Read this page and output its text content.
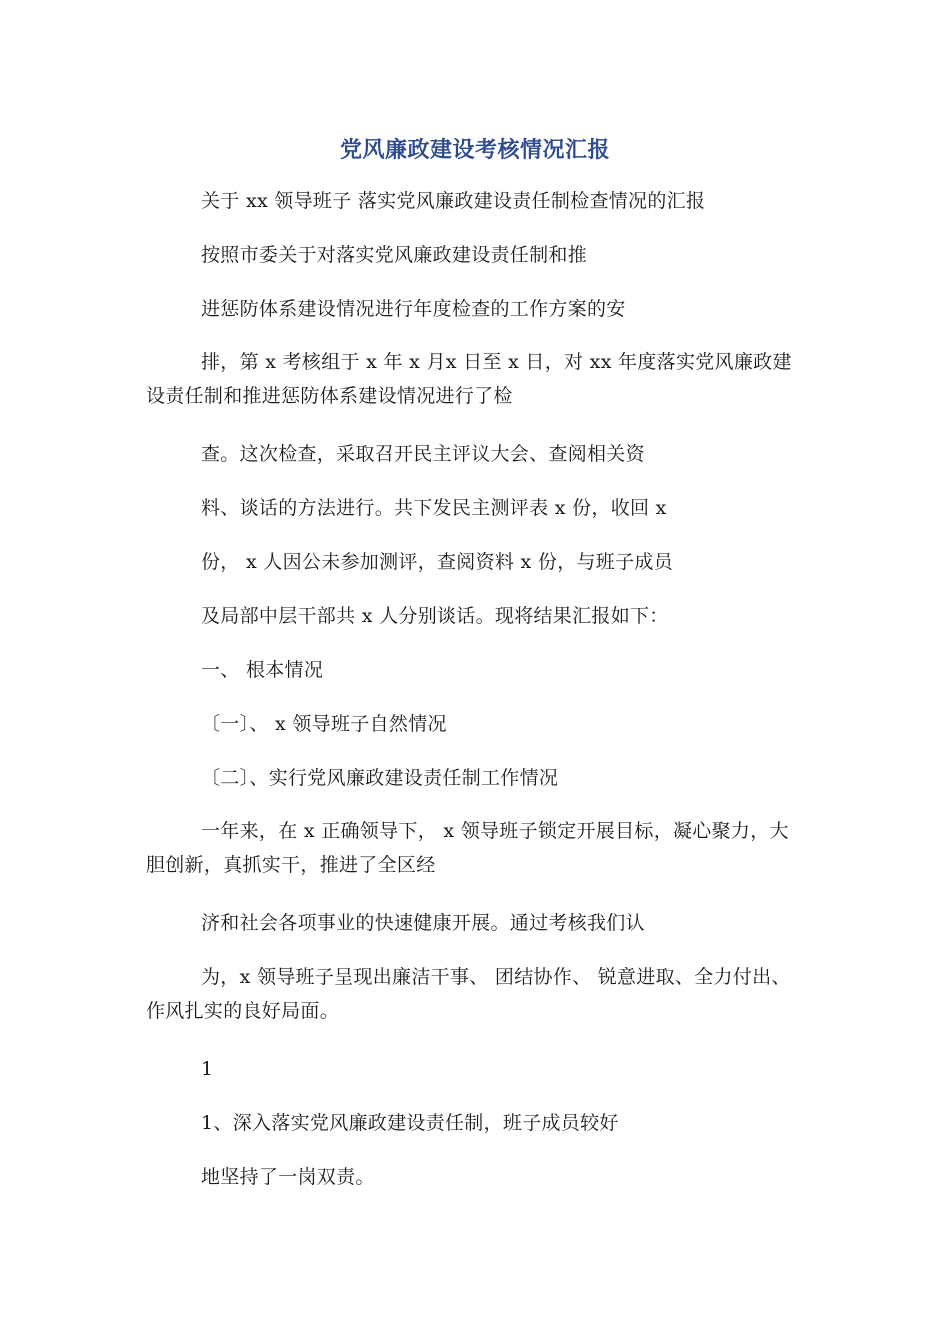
党风廉政建设考核情况汇报
关于 xx 领导班子 落实党风廉政建设责任制检查情况的汇报
按照市委关于对落实党风廉政建设责任制和推
进惩防体系建设情况进行年度检查的工作方案的安
排，第 x 考核组于 x 年 x 月x 日至 x 日，对 xx 年度落实党风廉政建设责任制和推进惩防体系建设情况进行了检
查。这次检查，采取召开民主评议大会、查阅相关资
料、谈话的方法进行。共下发民主测评表 x 份，收回 x
份， x 人因公未参加测评，查阅资料 x 份，与班子成员
及局部中层干部共 x 人分别谈话。现将结果汇报如下：
一、 根本情况
〔一〕、 x 领导班子自然情况
〔二〕、实行党风廉政建设责任制工作情况
一年来，在 x 正确领导下， x 领导班子锁定开展目标，凝心聚力，大胆创新，真抓实干，推进了全区经
济和社会各项事业的快速健康开展。通过考核我们认
为，x 领导班子呈现出廉洁干事、 团结协作、 锐意进取、全力付出、作风扎实的良好局面。
1
1、深入落实党风廉政建设责任制，班子成员较好
地坚持了一岗双责。
